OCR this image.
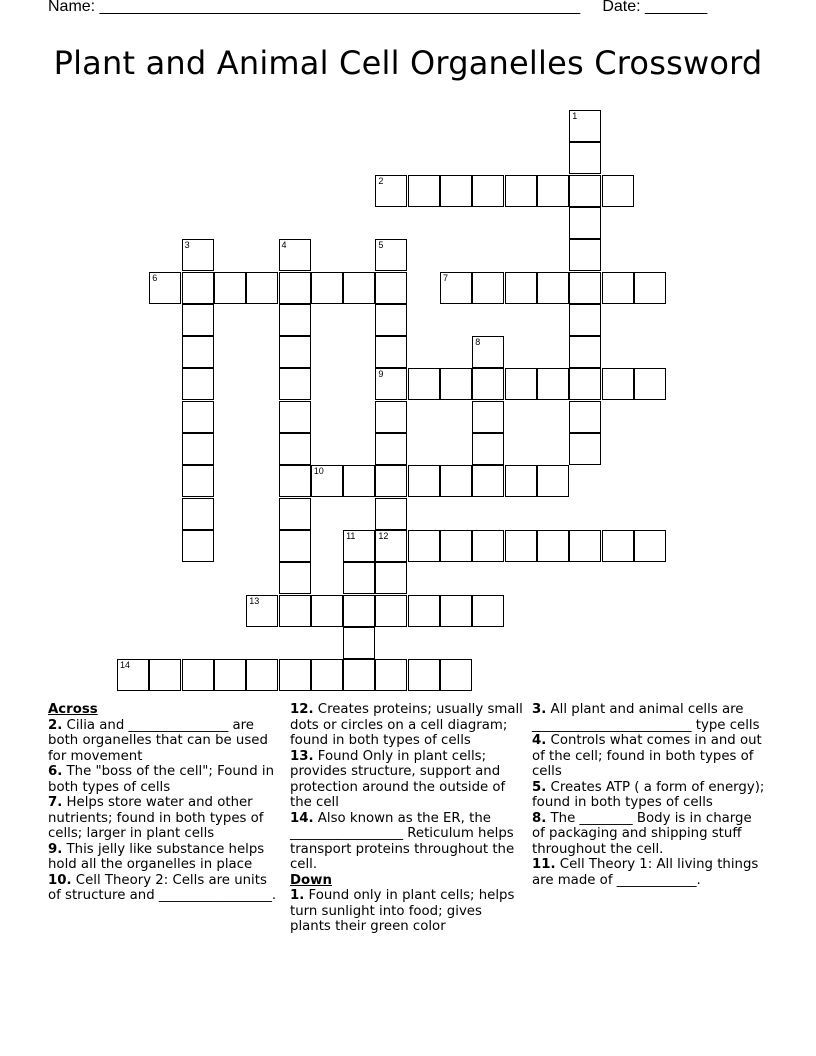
Name: ______________________________________________________     Date: _______
Plant and Animal Cell Organelles Crossword
1
2
3	4	5
9
12
6	7
8
10
11
13
14
Across
2. Cilia and _______________ are both organelles that can be used for movement
6. The "boss of the cell"; Found in both types of cells
7. Helps store water and other nutrients; found in both types of cells; larger in plant cells
9. This jelly like substance helps hold all the organelles in place
10. Cell Theory 2: Cells are units of structure and _________________.
12. Creates proteins; usually small dots or circles on a cell diagram; found in both types of cells
13. Found Only in plant cells; provides structure, support and protection around the outside of the cell
14. Also known as the ER, the _________________ Reticulum helps transport proteins throughout the cell.
Down
1. Found only in plant cells; helps turn sunlight into food; gives plants their green color
3. All plant and animal cells are ________________________ type cells
4. Controls what comes in and out of the cell; found in both types of cells
5. Creates ATP ( a form of energy); found in both types of cells
8. The ________ Body is in charge of packaging and shipping stuff throughout the cell.
11. Cell Theory 1: All living things are made of ____________.
